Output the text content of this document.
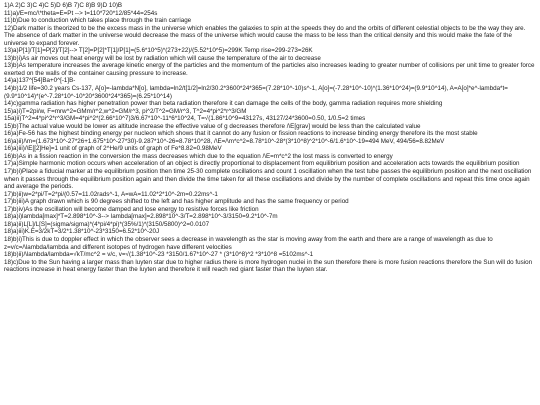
1)A 2)C 3)C 4)C 5)D 6)B 7)C 8)B 9)D 10)B

11)a)/E=mc/\*theta=E=Pt --> t=110*720*12/85*44=254s

11)b)Due to conduction which takes place through the train carriage

12)Dark matter is theorized to be the excess mass in the universe which enables the galaxies to spin at the speeds they do and the orbits of different celestial objects to be the way they are. The absence of dark matter in the universe would decrease the mass of the universe which would cause the mass to be less than the critical density and this would make the fate of the universe to expand forever.

13)a)P[1]/T[1]=P[2]/T[2]--> T[2]=P[2]*T[1]/P[1]=(5.6*10^5)*(273+22)/(5.52*10^5)=299K Temp rise=299-273=26K

13)b)i)As air moves out heat energy will be lost by radiation which will cause the temperature of the air to decrease

13)b)As temperature increases the average kinetic energy of the particles and the momentum of the particles also increases leading to greater number of collisions per unit time to greater force exerted on the walls of the container causing pressure to increase.

14)a)137^[54]Ba+0^[-1]B-

14)b)1/2 life=30.2 years Cs-137, A[o]=-lambda*N[o], lambda=ln2/t[1/2]=ln2/30.2*3600*24*365=(7.28*10^-10)s^-1, A[o]=(-7.28*10^-10)*(1.36*10^24)=(9.9*10^14), A=A[o]*e^-lambda*t=(9.9*10^14)*(e^-7.28*10^-10*20*3600*24*365)=(6.25*10^14)

14)c)gamma radiation has higher penetration power than beta radiation therefore it can damage the cells of the body, gamma radiation requires more shielding

15)a)i)T=2pi/w, F=mrw^2=GMm/r^2,w^2=GM/r^3, pi^2/T^2=GM/r^3, T^2=4*pi^2*r^3/GM

15a)ii)T^2=4*pi^2*r^3/GM=4*pi^2*(2.66*10^7)3/6.67*10^-11*6*10^24, T=√(1.86*10^9=43127s, 43127/24*3600=0.50, 1/0.5=2 times

15)b)The actual value would be lower as altitude increase the effective value of g decreases therefore /\E[grav] would be less than the calculated value

16)a)Fe-56 has the highest binding energy per nucleon which shows that it cannot do any fusion or fission reactions to increase binding energy therefore its the most stable

16)a)ii)/\m=(1.673*10^-27*26+1.675*10^-27*30)-9.287*10^-26=8.78*10^28, /\E=/\m*c^2=8.78*10^-28*(3*10^8)^2*10^-6/1.6*10^-19=494 MeV, 494/56=8.82MeV

16)a)iii)/\E[[2]He]=1 unit of graph of 2^He/9 units of graph of Fe*8.82=0.98MeV

16)b)As in a fission reaction in the conversion the mass decreases which due to the equation /\E=m*c^2 the lost mass is converted to energy

17)a)Simple harmonic motion occurs when acceleration of an object is directly proportional to displacement from equilibrium position and acceleration acts towards the equilibrium position

17)b)i)Place a fiducial marker at the equilibrium position then time 25-30 complete oscillations and count 1 oscillation when the test tube passes the equilibrium position and the next oscillation when it passes through the equilibrium position again and then divide the time taken for all these oscillations and divide by the number of complete oscillations and repeat this time once again and average the periods.

17)b)ii)w=2*pi/T=2*pi/(0.57=11.02rads^-1, A=wA=11.02*2*10^-2m=0.22ms^-1

17)b)iii)A graph drawn which is 90 degrees shifted to the left and has higher amplitude and has the same frequency or period

17)b)iv)As the oscillation will become damped and lose energy to resistive forces like friction

18)a)i)lambda[max]*T=2.898*10^-3--> lambda[max]=2.898*10^-3/T=2.898*10^-3/3150=9.2*10^-7m

18)a)ii)L[L]/L[S]=(sigma/sigma)*(4*pi/4*pi)*(35%/1)*(3150/5800)^2=0.0107

18)a)iii)K.E=3/2kT=3/2*1.38*10^-23*3150=6.52*10^-20J

18)b)i)This is due to doppler effect in which the observer sees a decrease in wavelength as the star is moving away from the earth and there are a range of wavelength as due to z=v/c=/\lambda/lambda and different isotopes of hydrogen have different velocities

18)b)ii)/\lambda/lambda=√kT/mc^2 = v/c, v=√(1.38*10^-23 *3150/1.67*10^-27 * (3*10^8)^2 *3*10^8 =5102ms^-1

18)c)Due to the Sun having a larger mass than luyten star due to higher radius there is more hydrogen nuclei in the sun therefore there is more fusion reactions therefore the Sun will do fusion reactions increase in heat energy faster than the luyten and therefore it will reach red giant faster than the luyten star.
